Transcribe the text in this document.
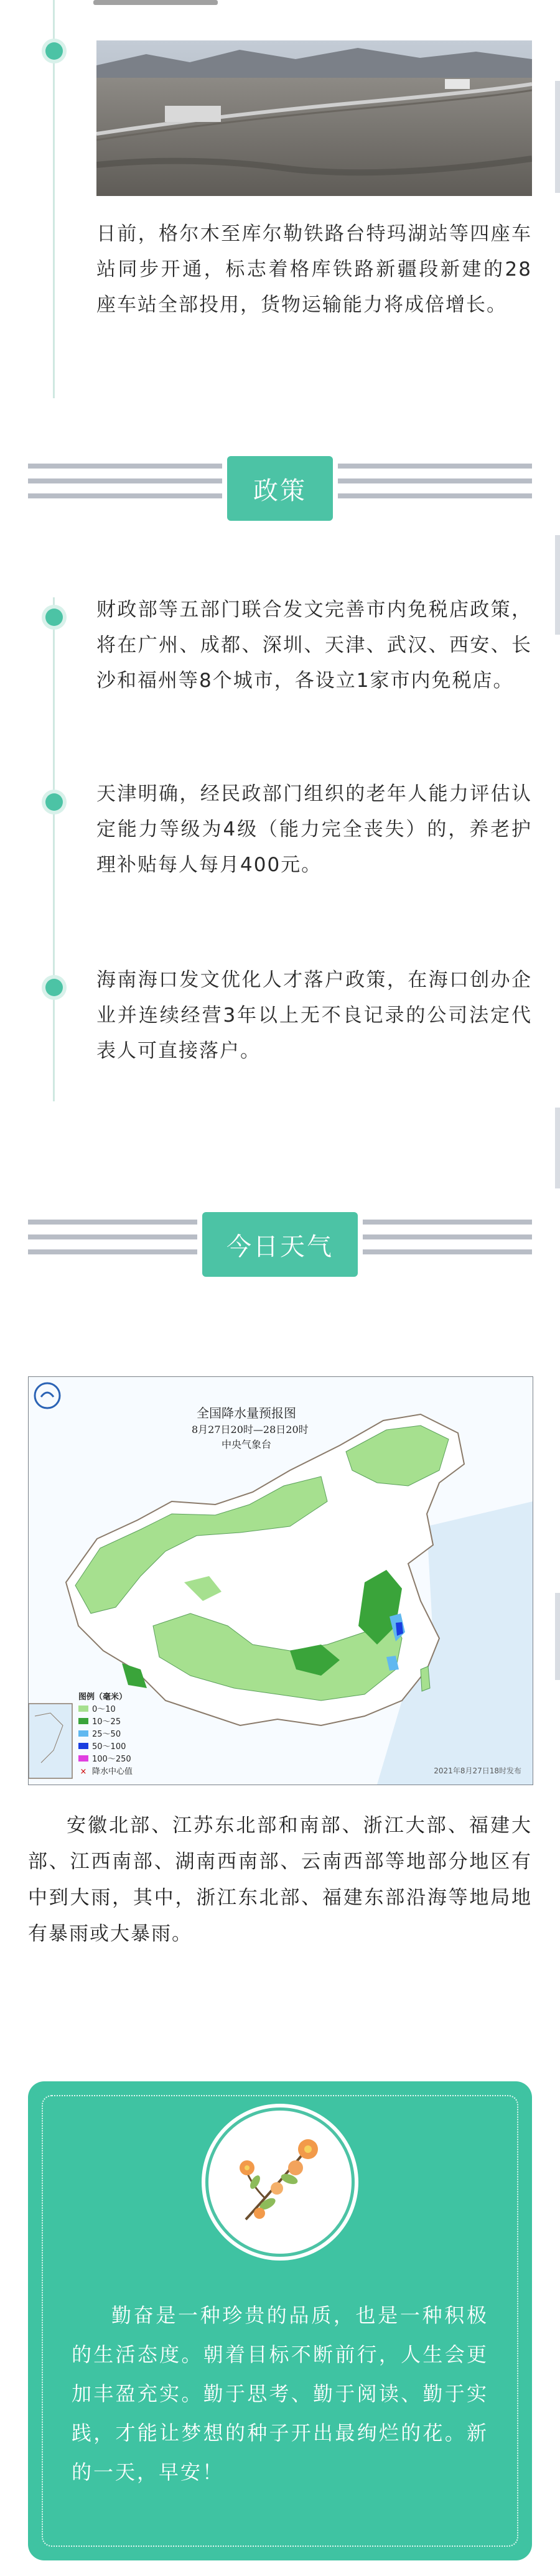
日前，格尔木至库尔勒铁路台特玛湖站等四座车站同步开通，标志着格库铁路新疆段新建的28座车站全部投用，货物运输能力将成倍增长。
政策
财政部等五部门联合发文完善市内免税店政策，将在广州、成都、深圳、天津、武汉、西安、长沙和福州等8个城市，各设立1家市内免税店。
天津明确，经民政部门组织的老年人能力评估认定能力等级为4级（能力完全丧失）的，养老护理补贴每人每月400元。
海南海口发文优化人才落户政策，在海口创办企业并连续经营3年以上无不良记录的公司法定代表人可直接落户。
今日天气
全国降水量预报图
8月27日20时—28日20时
中央气象台
图例（毫米）
0～10
10～25
25～50
50～100
100～250
× 降水中心值	2021年8月27日18时发布
安徽北部、江苏东北部和南部、浙江大部、福建大部、江西南部、湖南西南部、云南西部等地部分地区有中到大雨，其中，浙江东北部、福建东部沿海等地局地有暴雨或大暴雨。
勤奋是一种珍贵的品质，也是一种积极的生活态度。朝着目标不断前行，人生会更加丰盈充实。勤于思考、勤于阅读、勤于实践，才能让梦想的种子开出最绚烂的花。新的一天，早安！
